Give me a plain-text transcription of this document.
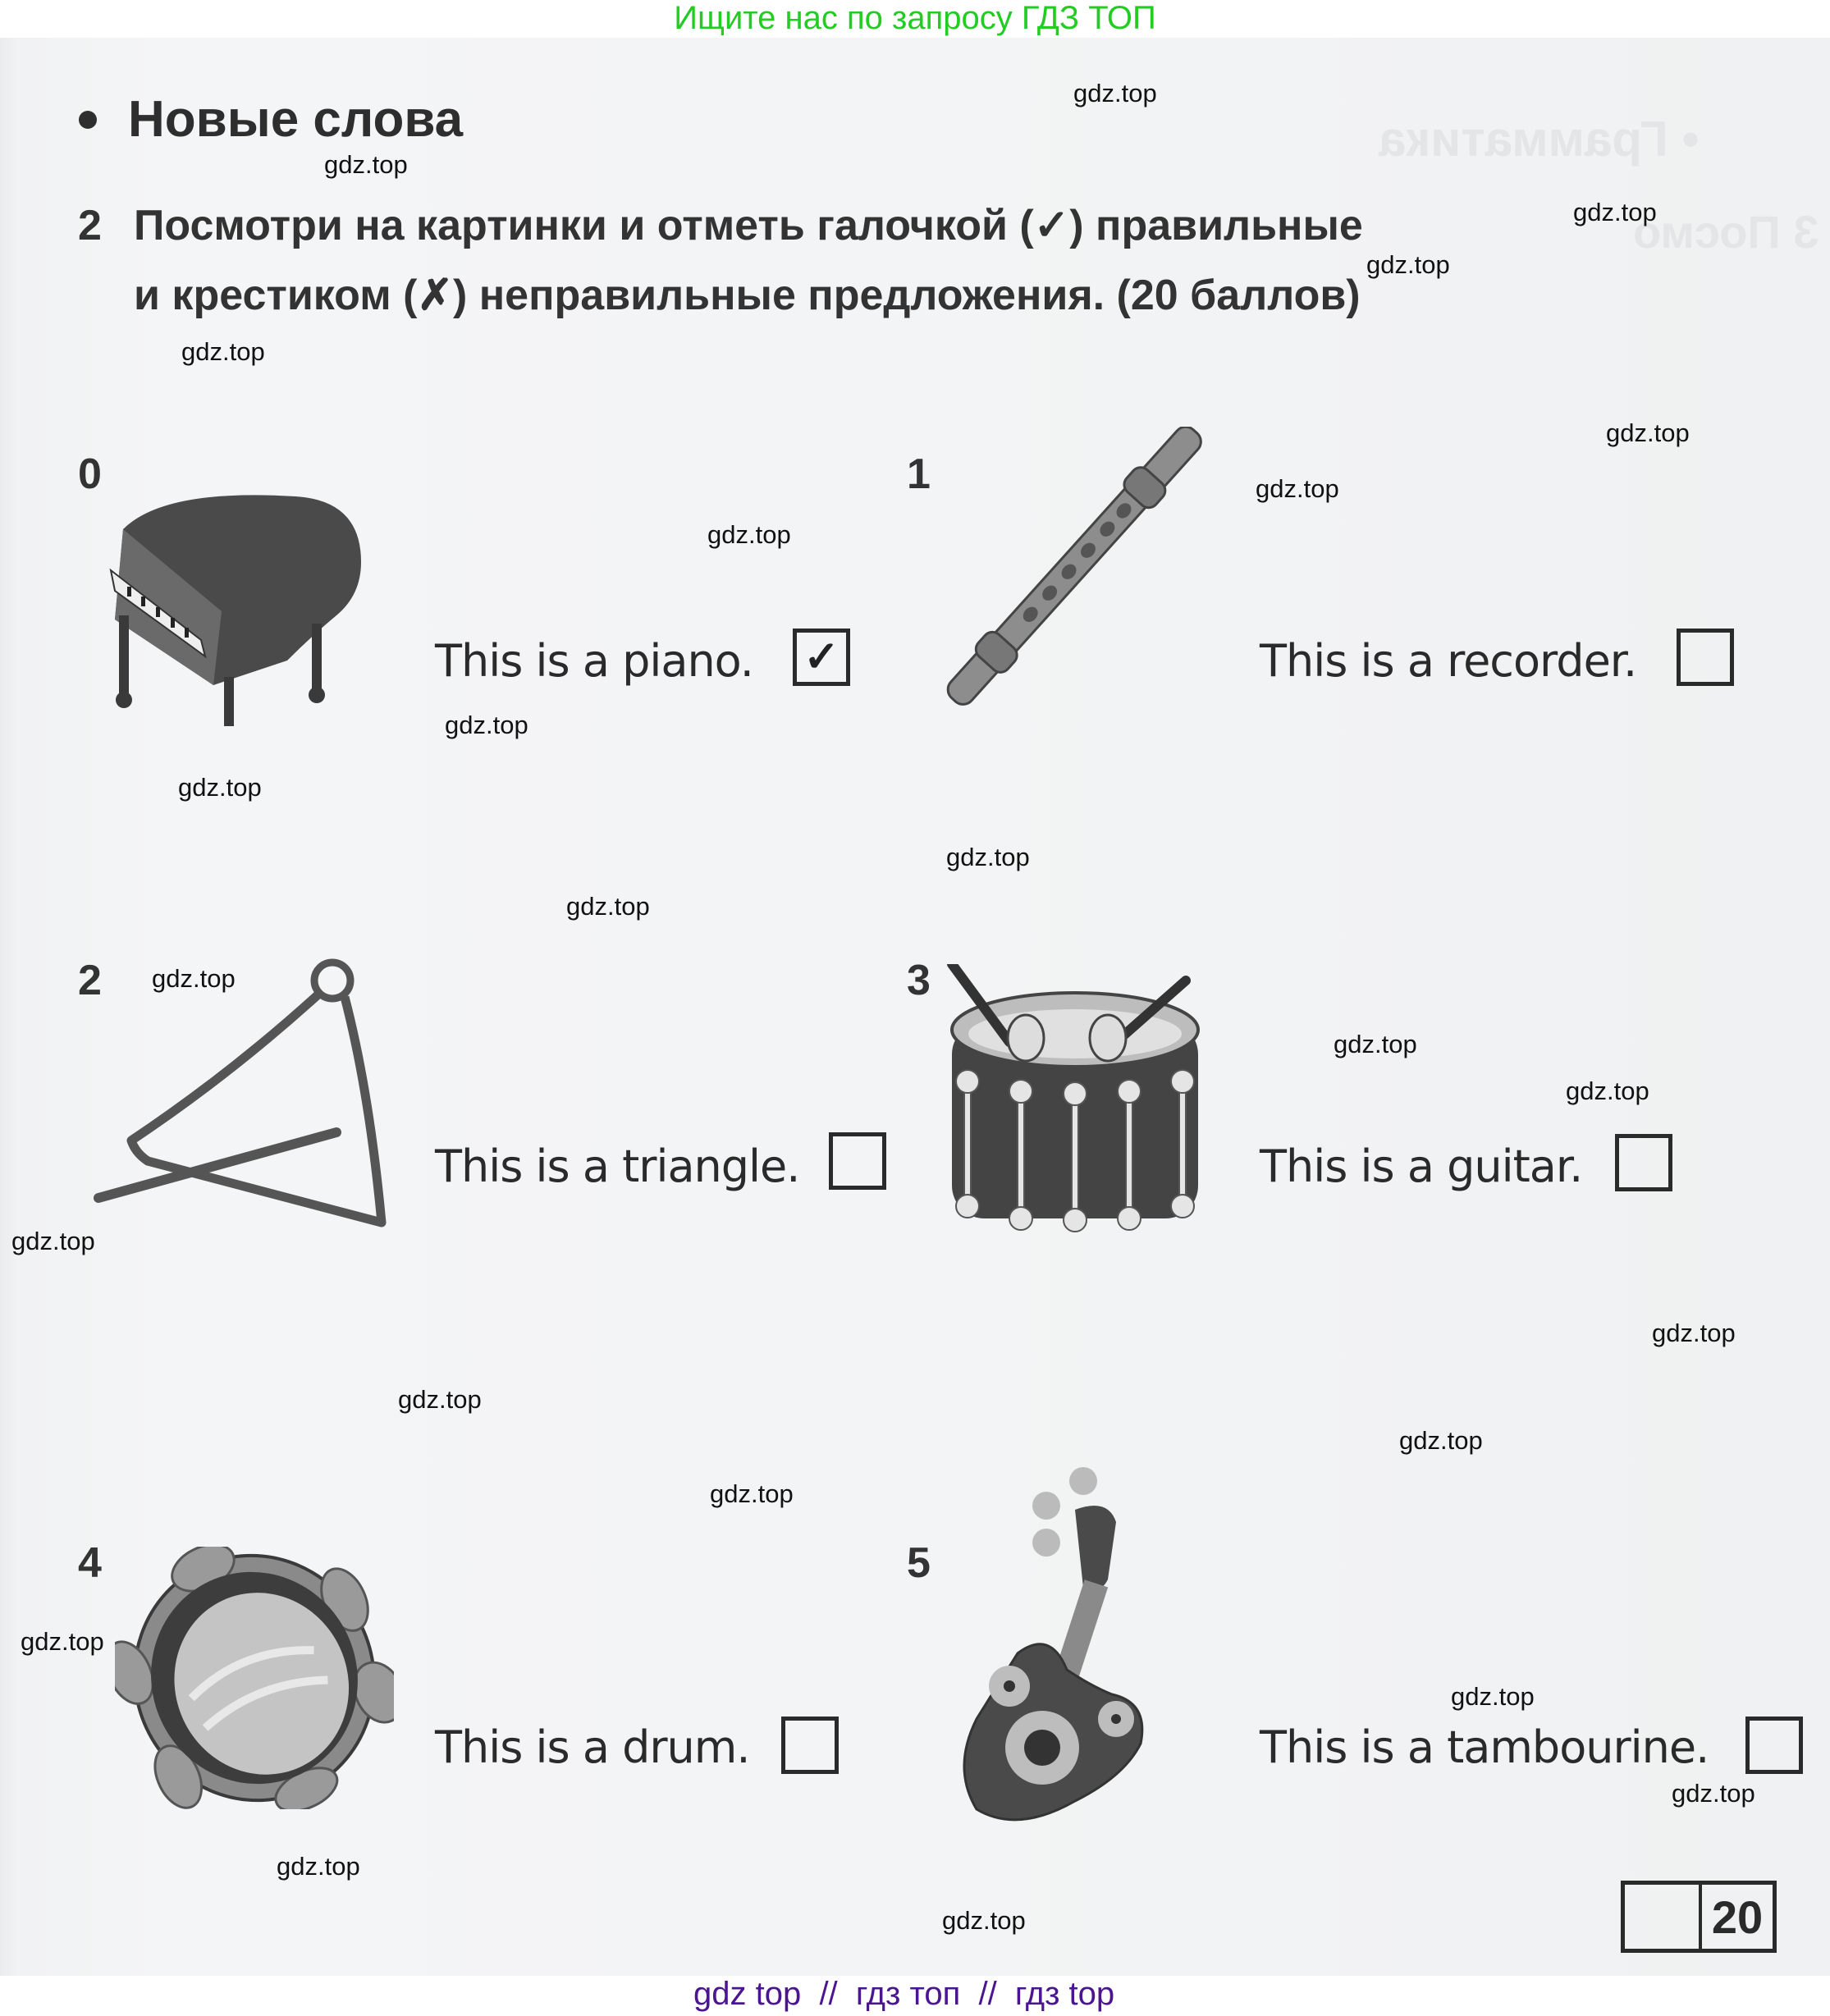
Ищите нас по запросу ГДЗ ТОП
• Грамматика
3 Посмо
Новые слова
2 Посмотри на картинки и отметь галочкой (✓) правильные
и крестиком (✗) неправильные предложения. (20 баллов)
0
This is a piano. ✓
1
This is a recorder.
2
This is a triangle.
3
This is a guitar.
4
This is a drum.
5
This is a tambourine.
20
gdz.top
gdz.top
gdz.top
gdz.top
gdz.top
gdz.top
gdz.top
gdz.top
gdz.top
gdz.top
gdz.top
gdz.top
gdz.top
gdz.top
gdz.top
gdz.top
gdz.top
gdz.top
gdz.top
gdz.top
gdz.top
gdz.top
gdz.top
gdz.top
gdz.top
gdz top  //  гдз топ  //  гдз top
